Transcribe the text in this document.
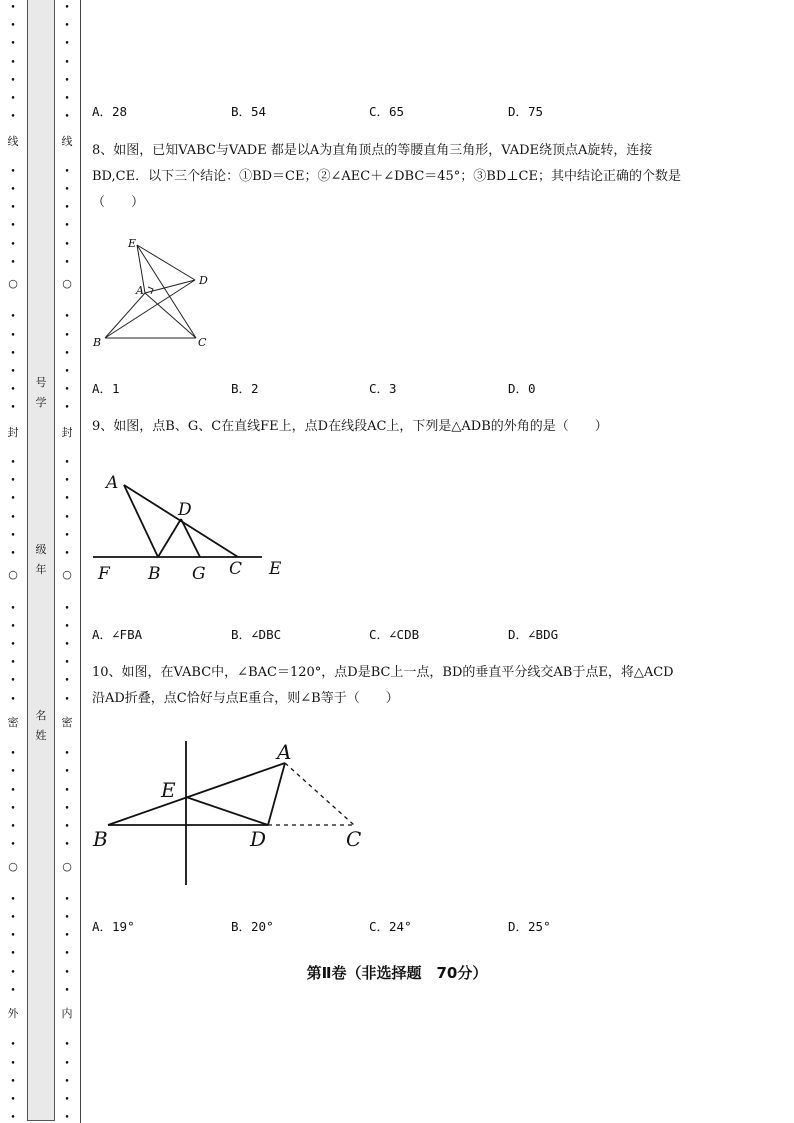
•
•
•
•
•
•
•
•
•
•
•
•
•
•
•
•
•
•
•
•
•
•
•
•
•
•
•
•
•
•
•
•
•
•
•
•
•
•
•
•
•
•
•
•
•
•
•
•
线
○
封
○
密
○
外
号
学
级
年
名
姓
•
•
•
•
•
•
•
•
•
•
•
•
•
•
•
•
•
•
•
•
•
•
•
•
•
•
•
•
•
•
•
•
•
•
•
•
•
•
•
•
•
•
•
•
•
•
•
•
线
○
封
○
密
○
内
A．28	B．54	C．65	D．75
8、如图，已知VABC与VADE 都是以A为直角顶点的等腰直角三角形，VADE绕顶点A旋转，连接
BD,CE．以下三个结论：①BD＝CE；②∠AEC＋∠DBC＝45°；③BD⊥CE；其中结论正确的个数是
（　　）
E
A
D
B	C
A．1	B．2	C．3	D．0
9、如图，点B、G、C在直线FE上，点D在线段AC上，下列是△ADB的外角的是（　　）
A
D
F B G C E
A．∠FBA	B．∠DBC	C．∠CDB	D．∠BDG
10、如图，在VABC中，∠BAC＝120°，点D是BC上一点，BD的垂直平分线交AB于点E，将△ACD
沿AD折叠，点C恰好与点E重合，则∠B等于（　　）
A
E
B	D	C
A．19°	B．20°	C．24°	D．25°
第Ⅱ卷（非选择题　70分）
